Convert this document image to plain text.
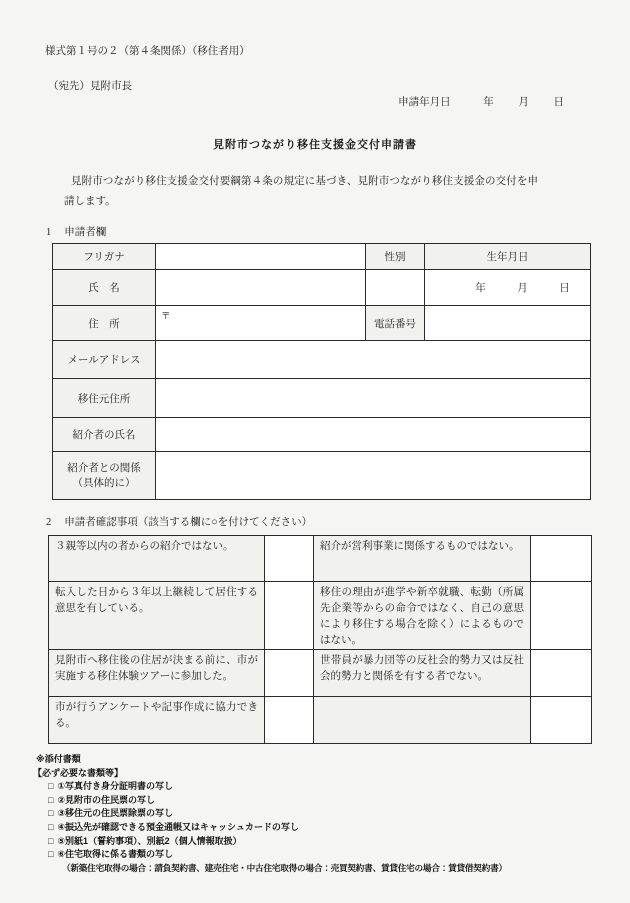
様式第１号の２（第４条関係）（移住者用）
（宛先）見附市長
申請年月日	年 月 日
見附市つながり移住支援金交付申請書
見附市つながり移住支援金交付要綱第４条の規定に基づき、見附市つながり移住支援金の交付を申請します。
1 申請者欄
フリガナ		性別	生年月日
氏　名			年　　　月　　　日
住　所	〒	電話番号	
メールアドレス			
移住元住所			
紹介者の氏名			

紹介者との関係
（具体的に）			

2 申請者確認事項（該当する欄に○を付けてください）
３親等以内の者からの紹介ではない。		紹介が営利事業に関係するものではない。	
転入した日から３年以上継続して居住する意思を有している。		移住の理由が進学や新卒就職、転勤（所属先企業等からの命令ではなく、自己の意思により移住する場合を除く）によるものではない。	
見附市へ移住後の住居が決まる前に、市が実施する移住体験ツアーに参加した。		世帯員が暴力団等の反社会的勢力又は反社会的勢力と関係を有する者でない。	
市が行うアンケートや記事作成に協力できる。			
※添付書類
【必ず必要な書類等】
□ ①写真付き身分証明書の写し
□ ②見附市の住民票の写し
□ ③移住元の住民票除票の写し
□ ④振込先が確認できる預金通帳又はキャッシュカードの写し
□ ⑤別紙1（誓約事項）、別紙2（個人情報取扱）
□ ⑥住宅取得に係る書類の写し
（新築住宅取得の場合：請負契約書、建売住宅・中古住宅取得の場合：売買契約書、賃貸住宅の場合：賃貸借契約書）
